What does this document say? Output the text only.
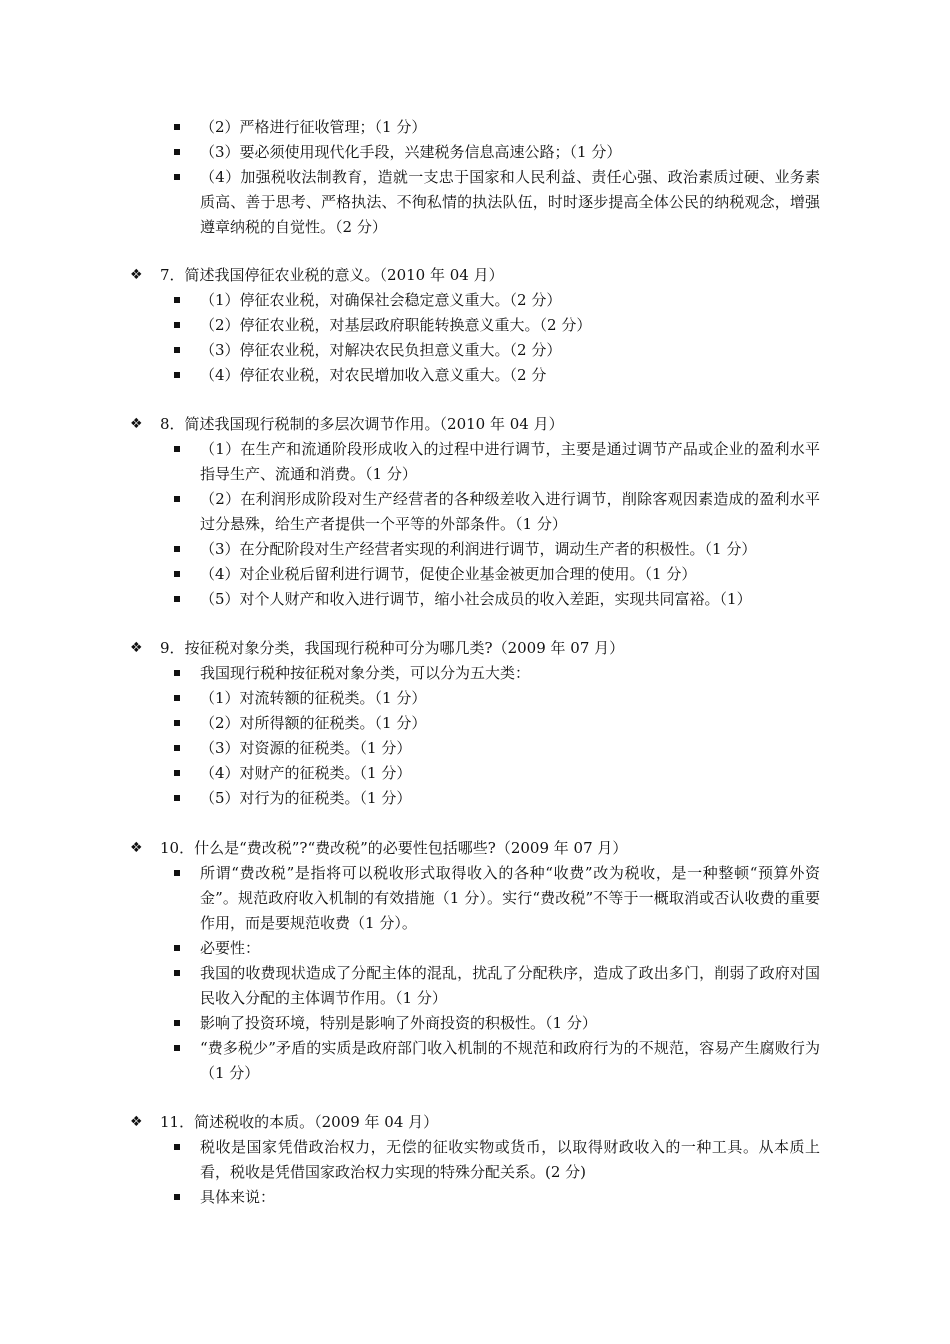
（2）严格进行征收管理；（1 分）
（3）要必须使用现代化手段，兴建税务信息高速公路；（1 分）
（4）加强税收法制教育，造就一支忠于国家和人民利益、责任心强、政治素质过硬、业务素质高、善于思考、严格执法、不徇私情的执法队伍，时时逐步提高全体公民的纳税观念，增强遵章纳税的自觉性。（2 分）
❖ 7．简述我国停征农业税的意义。（2010 年 04 月）
（1）停征农业税，对确保社会稳定意义重大。（2 分）
（2）停征农业税，对基层政府职能转换意义重大。（2 分）
（3）停征农业税，对解决农民负担意义重大。（2 分）
（4）停征农业税，对农民增加收入意义重大。（2 分
❖ 8．简述我国现行税制的多层次调节作用。（2010 年 04 月）
（1）在生产和流通阶段形成收入的过程中进行调节，主要是通过调节产品或企业的盈利水平指导生产、流通和消费。（1 分）
（2）在利润形成阶段对生产经营者的各种级差收入进行调节，削除客观因素造成的盈利水平过分悬殊，给生产者提供一个平等的外部条件。（1 分）
（3）在分配阶段对生产经营者实现的利润进行调节，调动生产者的积极性。（1 分）
（4）对企业税后留利进行调节，促使企业基金被更加合理的使用。（1 分）
（5）对个人财产和收入进行调节，缩小社会成员的收入差距，实现共同富裕。（1）
❖ 9．按征税对象分类，我国现行税种可分为哪几类?（2009 年 07 月）
我国现行税种按征税对象分类，可以分为五大类：
（1）对流转额的征税类。（1 分）
（2）对所得额的征税类。（1 分）
（3）对资源的征税类。（1 分）
（4）对财产的征税类。（1 分）
（5）对行为的征税类。（1 分）
❖ 10．什么是“费改税”?“费改税”的必要性包括哪些?（2009 年 07 月）
所谓“费改税”是指将可以税收形式取得收入的各种“收费”改为税收，是一种整顿“预算外资金”。规范政府收入机制的有效措施（1 分）。实行“费改税”不等于一概取消或否认收费的重要作用，而是要规范收费（1 分）。
必要性：
我国的收费现状造成了分配主体的混乱，扰乱了分配秩序，造成了政出多门，削弱了政府对国民收入分配的主体调节作用。（1 分）
影响了投资环境，特别是影响了外商投资的积极性。（1 分）
“费多税少”矛盾的实质是政府部门收入机制的不规范和政府行为的不规范，容易产生腐败行为（1 分）
❖ 11．简述税收的本质。（2009 年 04 月）
税收是国家凭借政治权力，无偿的征收实物或货币，以取得财政收入的一种工具。从本质上看，税收是凭借国家政治权力实现的特殊分配关系。(2 分)
具体来说：
